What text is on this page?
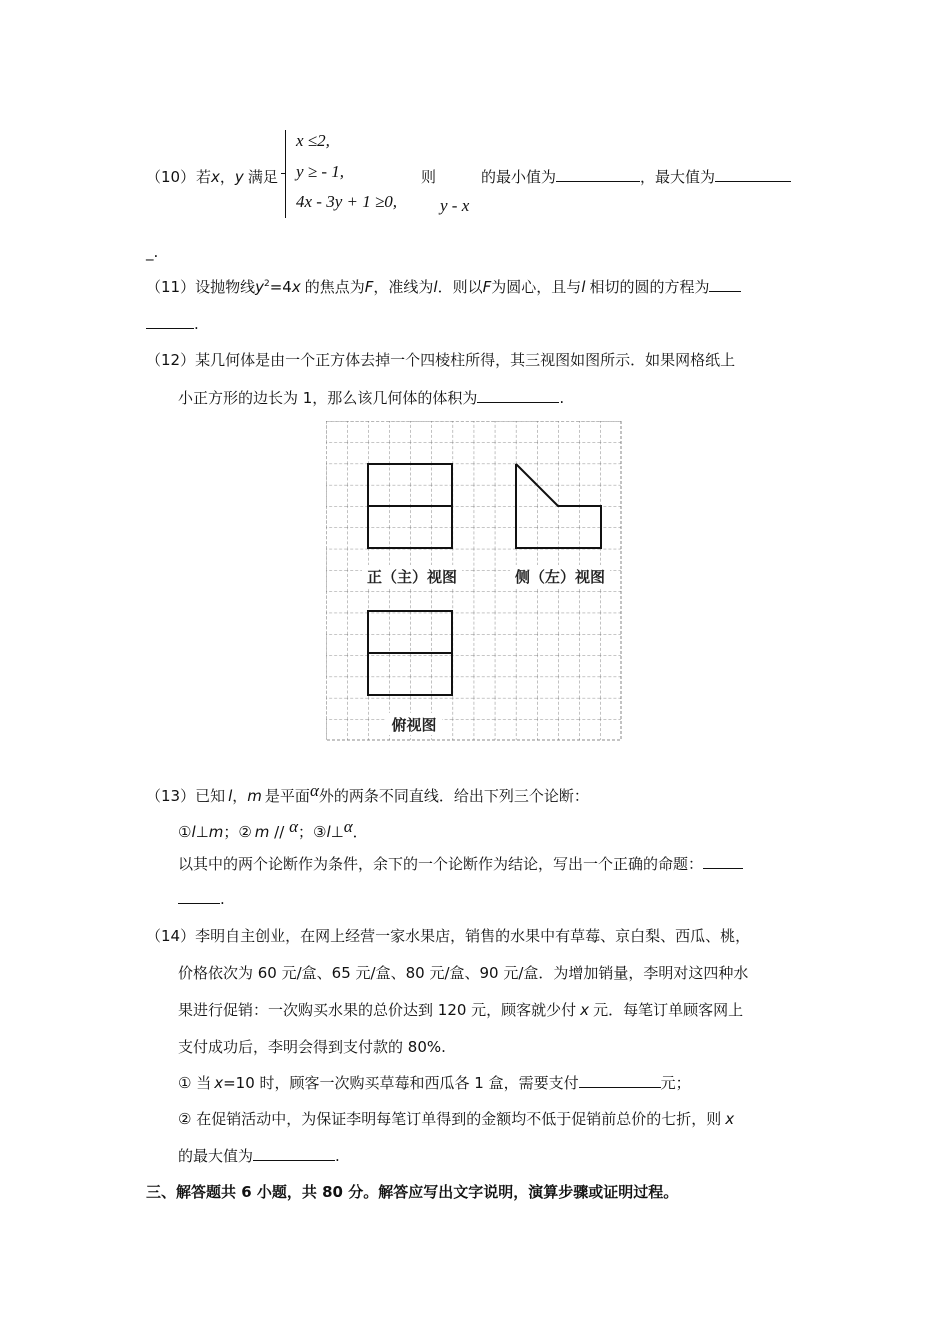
（10） 若x，y 满足
x ≤2,
y ≥ - 1,
4x - 3y + 1 ≥0,
则
y - x
的最小值为	，最大值为
_.
（11）设抛物线$y^2=4x$ 的焦点为F，准线为l．则以F为圆心，且与l 相切的圆的方程为
.
（12）某几何体是由一个正方体去掉一个四棱柱所得，其三视图如图所示．如果网格纸上
小正方形的边长为 1，那么该几何体的体积为	.
正（主）视图	侧（左）视图
俯视图
（13）已知 l，m 是平面α外的两条不同直线．给出下列三个论断：
①l⊥m；② m // α；③l⊥α．
以其中的两个论断作为条件，余下的一个论断作为结论，写出一个正确的命题：
.
（14）李明自主创业，在网上经营一家水果店，销售的水果中有草莓、京白梨、西瓜、桃，
价格依次为 60 元/盒、65 元/盒、80 元/盒、90 元/盒．为增加销量，李明对这四种水
果进行促销：一次购买水果的总价达到 120 元，顾客就少付 x 元．每笔订单顾客网上
支付成功后，李明会得到支付款的 80%.
① 当 x=10 时，顾客一次购买草莓和西瓜各 1 盒，需要支付	元；
② 在促销活动中，为保证李明每笔订单得到的金额均不低于促销前总价的七折，则 x
的最大值为	.
三、解答题共 6 小题，共 80 分。解答应写出文字说明，演算步骤或证明过程。
